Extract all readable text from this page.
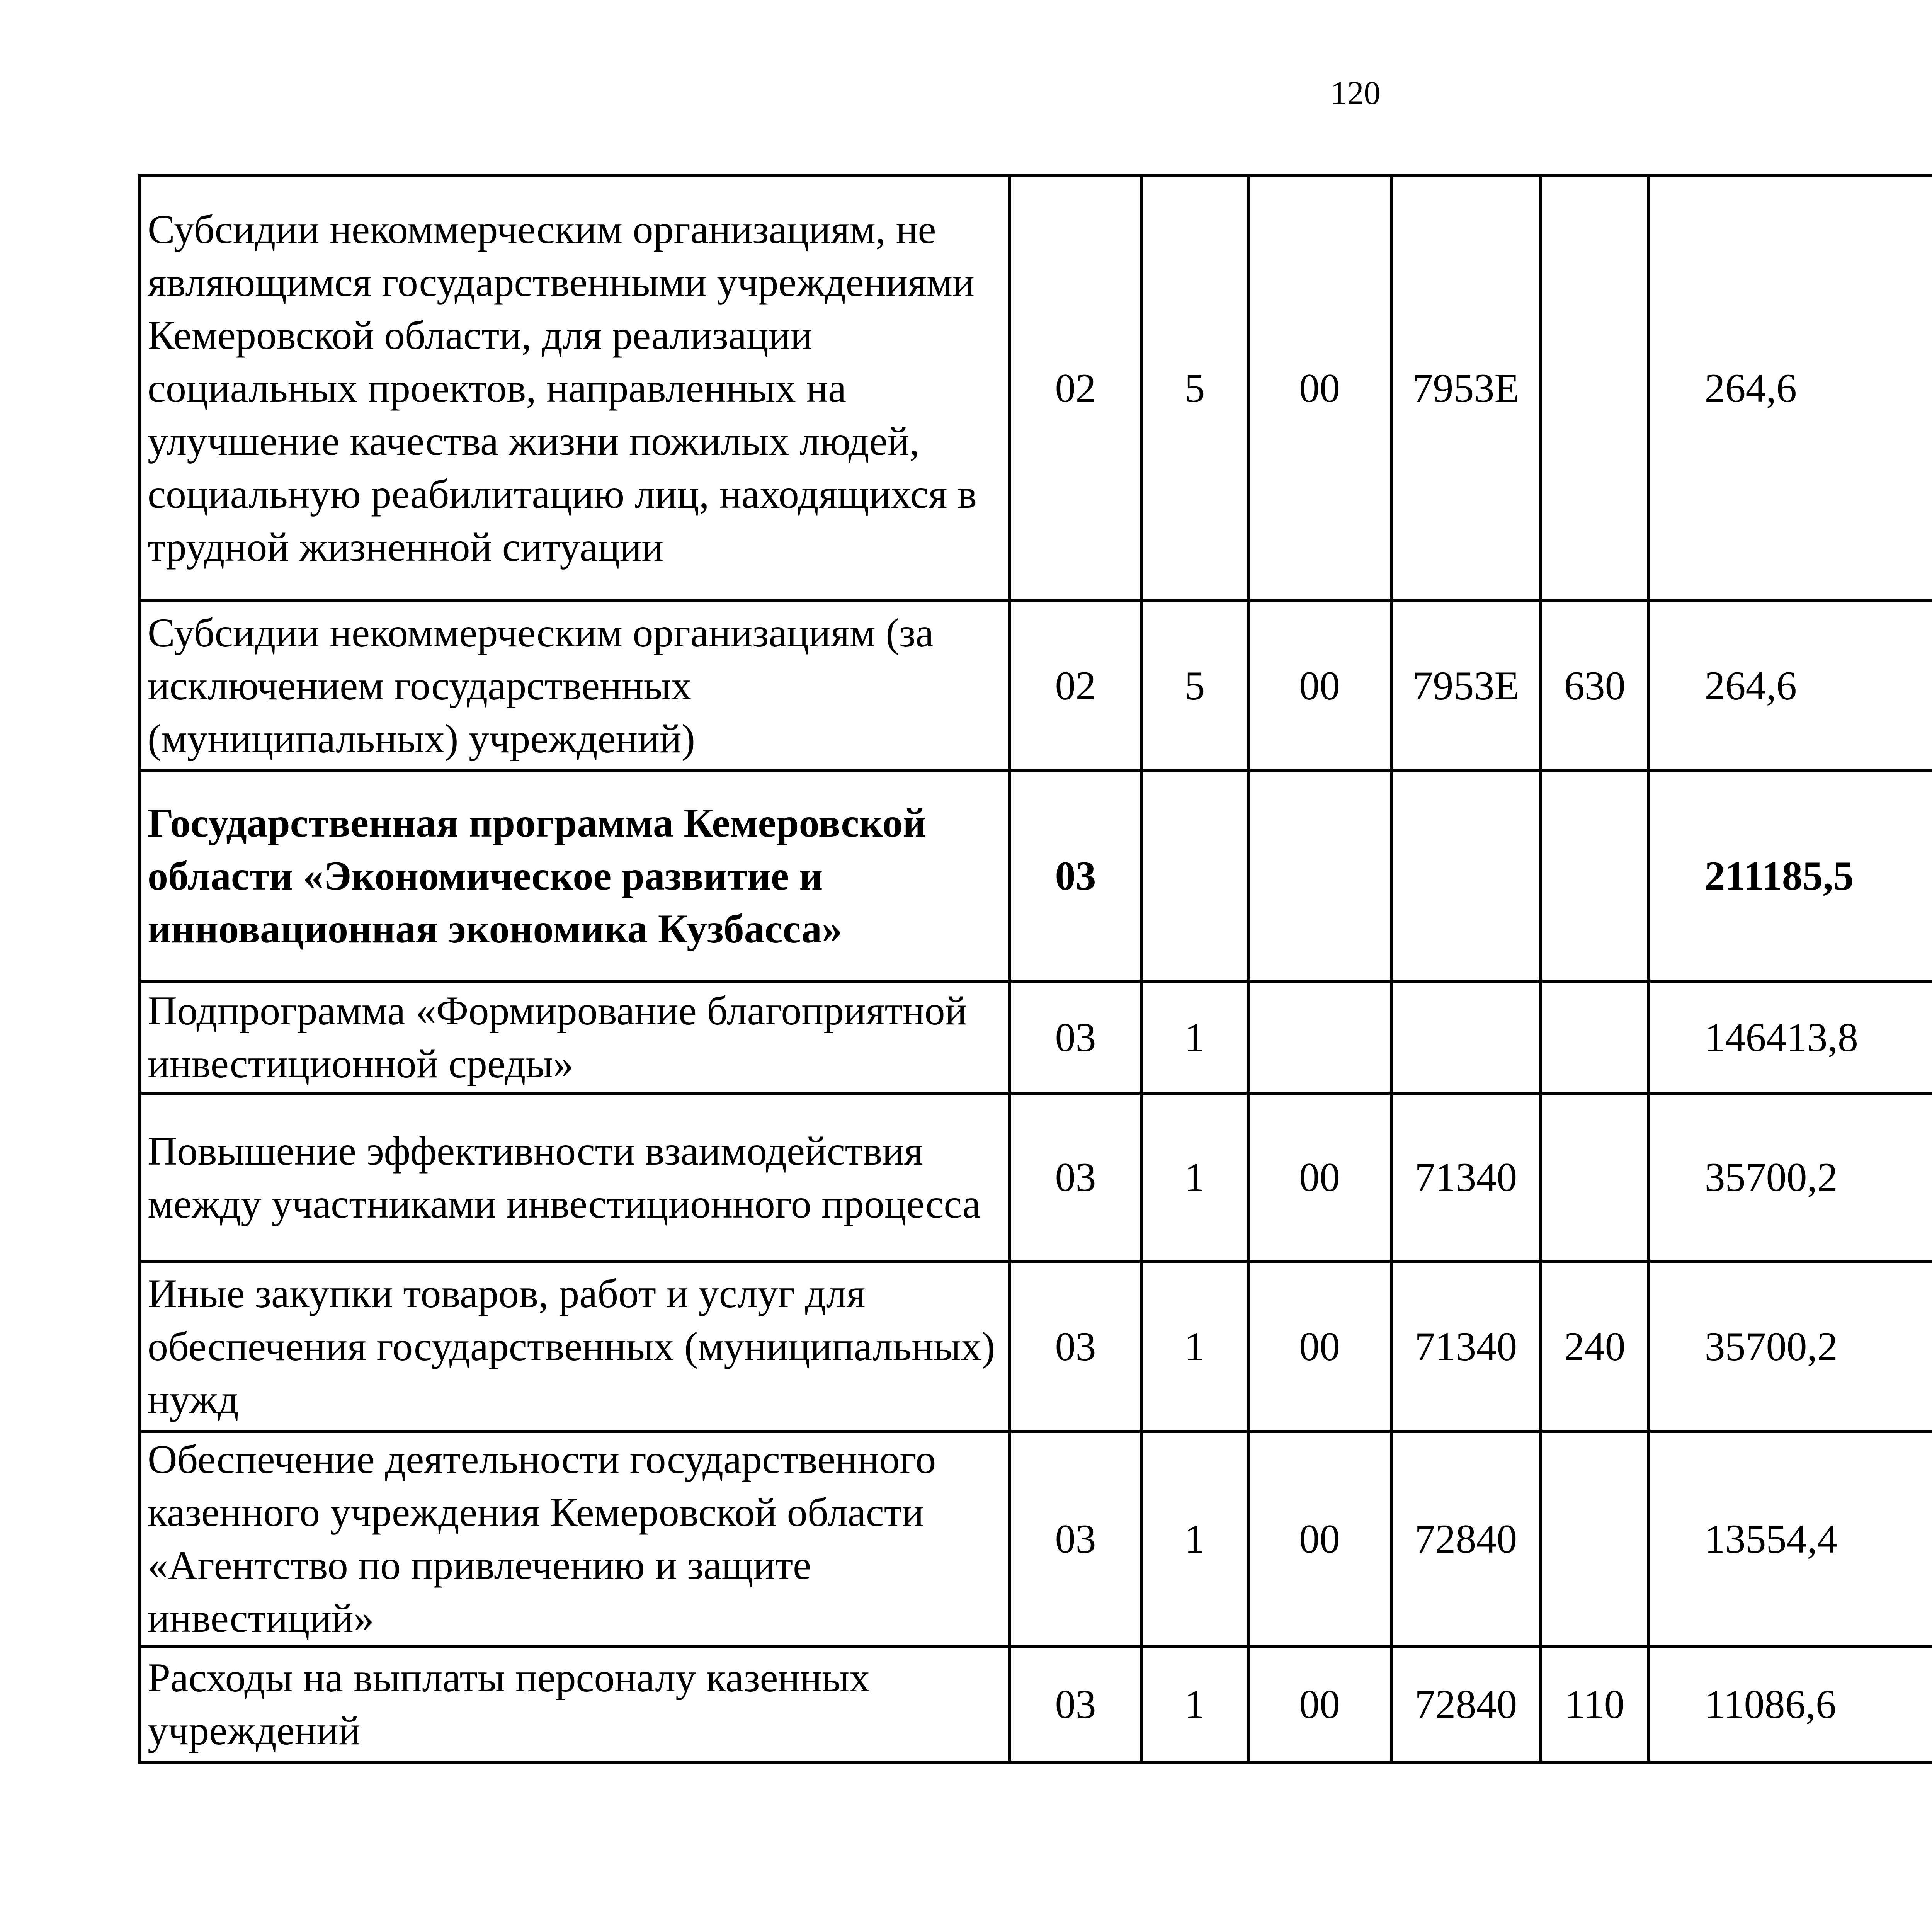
120
Субсидии некоммерческим организациям, не являющимся государственными учреждениями Кемеровской области, для реализации социальных проектов, направленных на улучшение качества жизни пожилых людей, социальную реабилитацию лиц, находящихся в трудной жизненной ситуации	02	5	00	7953Е		264,6		
Субсидии некоммерческим организациям (за исключением государственных (муниципальных) учреждений)	02	5	00	7953Е	630	264,6		
Государственная программа Кемеровской области «Экономическое развитие и инновационная экономика Кузбасса»	03					211185,5		
Подпрограмма «Формирование благоприятной инвестиционной среды»	03	1				146413,8		
Повышение эффективности взаимодействия между участниками инвестиционного процесса	03	1	00	71340		35700,2		
Иные закупки товаров, работ и услуг для обеспечения государственных (муниципальных) нужд	03	1	00	71340	240	35700,2		
Обеспечение деятельности государственного казенного учреждения Кемеровской области «Агентство по привлечению и защите инвестиций»	03	1	00	72840		13554,4		
Расходы на выплаты персоналу казенных учреждений	03	1	00	72840	110	11086,6		
